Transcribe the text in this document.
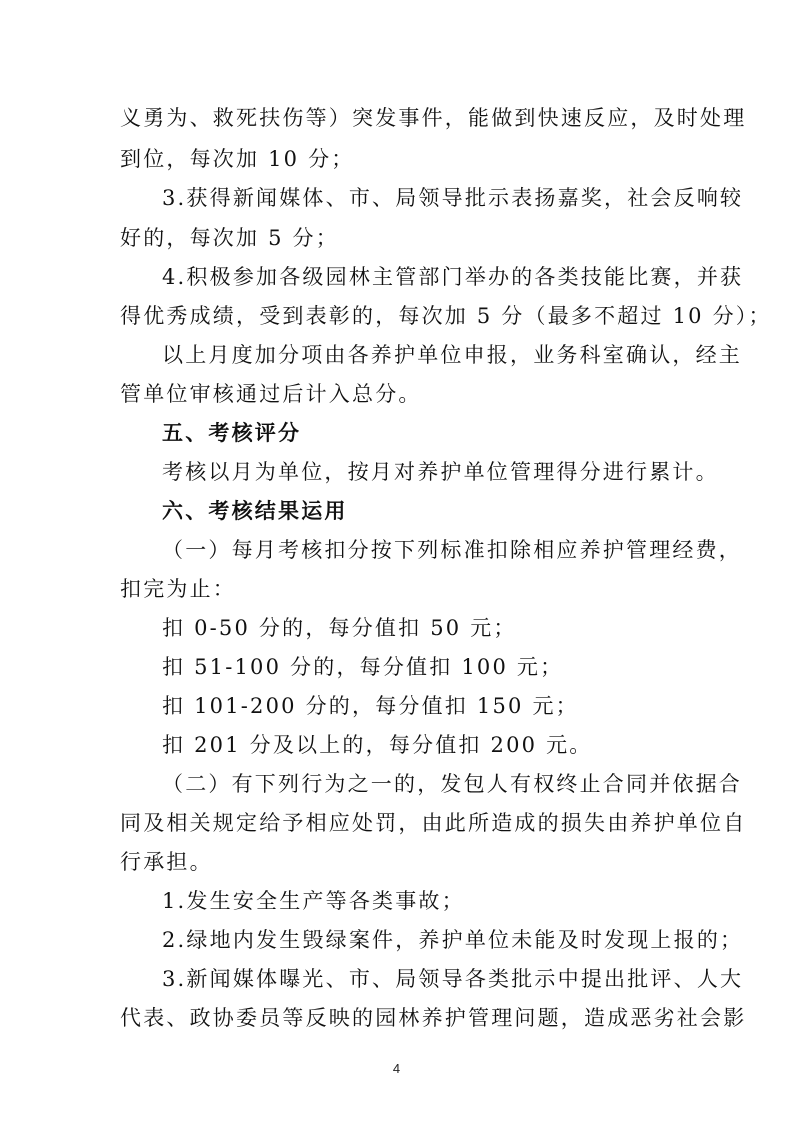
义勇为、救死扶伤等）突发事件，能做到快速反应，及时处理
到位，每次加 10 分；
3.获得新闻媒体、市、局领导批示表扬嘉奖，社会反响较
好的，每次加 5 分；
4.积极参加各级园林主管部门举办的各类技能比赛，并获
得优秀成绩，受到表彰的，每次加 5 分（最多不超过 10 分）；
以上月度加分项由各养护单位申报，业务科室确认，经主
管单位审核通过后计入总分。
五、考核评分
考核以月为单位，按月对养护单位管理得分进行累计。
六、考核结果运用
（一）每月考核扣分按下列标准扣除相应养护管理经费，
扣完为止：
扣 0-50 分的，每分值扣 50 元；
扣 51-100 分的，每分值扣 100 元；
扣 101-200 分的，每分值扣 150 元；
扣 201 分及以上的，每分值扣 200 元。
（二）有下列行为之一的，发包人有权终止合同并依据合
同及相关规定给予相应处罚，由此所造成的损失由养护单位自
行承担。
1.发生安全生产等各类事故；
2.绿地内发生毁绿案件，养护单位未能及时发现上报的；
3.新闻媒体曝光、市、局领导各类批示中提出批评、人大
代表、政协委员等反映的园林养护管理问题，造成恶劣社会影
4
